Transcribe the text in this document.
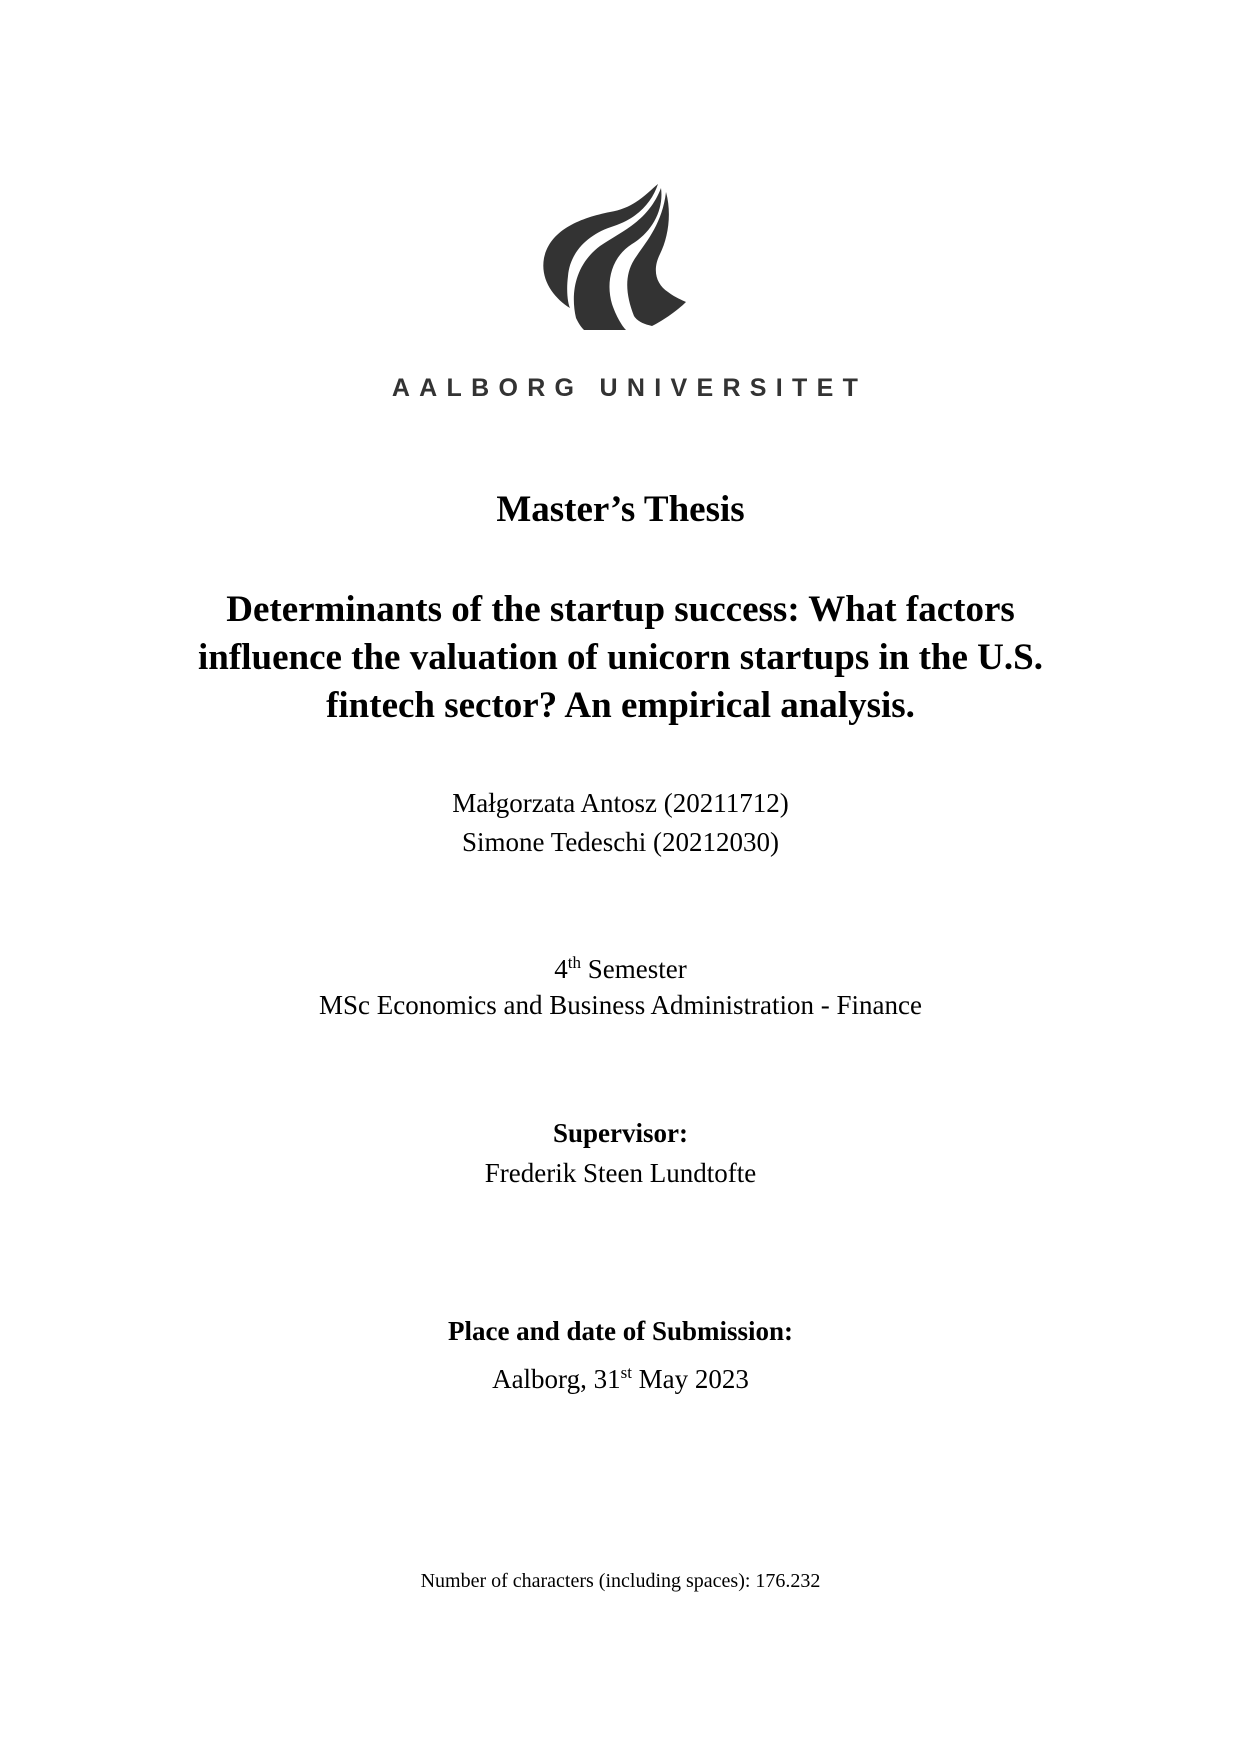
AALBORG UNIVERSITET
Master’s Thesis
Determinants of the startup success: What factors
influence the valuation of unicorn startups in the U.S.
fintech sector? An empirical analysis.
Małgorzata Antosz (20211712)
Simone Tedeschi (20212030)
4th Semester
MSc Economics and Business Administration - Finance
Supervisor:
Frederik Steen Lundtofte
Place and date of Submission:
Aalborg, 31st May 2023
Number of characters (including spaces): 176.232
